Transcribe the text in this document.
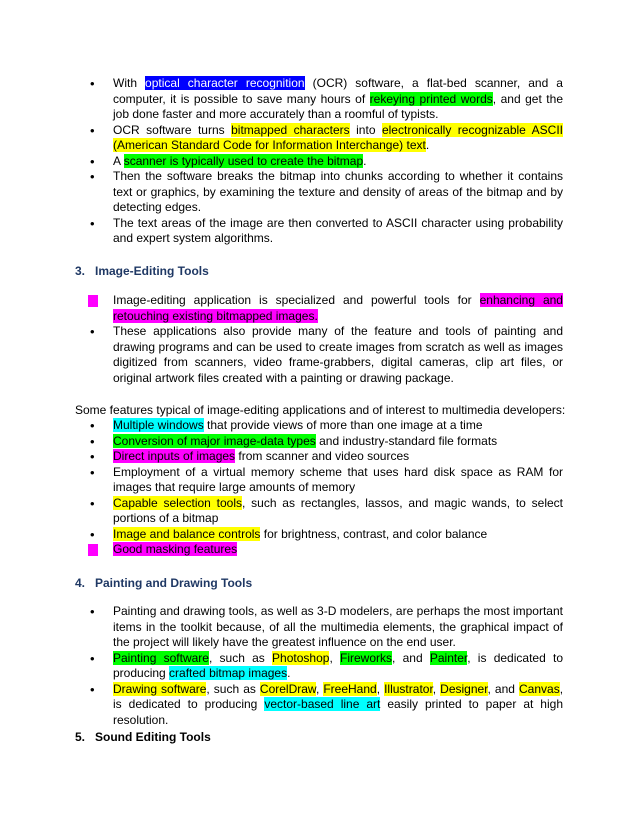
• With optical character recognition (OCR) software, a flat-bed scanner, and a computer, it is possible to save many hours of rekeying printed words, and get the job done faster and more accurately than a roomful of typists.
• OCR software turns bitmapped characters into electronically recognizable ASCII (American Standard Code for Information Interchange) text.
• A scanner is typically used to create the bitmap.
• Then the software breaks the bitmap into chunks according to whether it contains text or graphics, by examining the texture and density of areas of the bitmap and by detecting edges.
• The text areas of the image are then converted to ASCII character using probability and expert system algorithms.
3. Image-Editing Tools
• Image-editing application is specialized and powerful tools for enhancing and retouching existing bitmapped images.
• These applications also provide many of the feature and tools of painting and drawing programs and can be used to create images from scratch as well as images digitized from scanners, video frame-grabbers, digital cameras, clip art files, or original artwork files created with a painting or drawing package.
Some features typical of image-editing applications and of interest to multimedia developers:
• Multiple windows that provide views of more than one image at a time
• Conversion of major image-data types and industry-standard file formats
• Direct inputs of images from scanner and video sources
• Employment of a virtual memory scheme that uses hard disk space as RAM for images that require large amounts of memory
• Capable selection tools, such as rectangles, lassos, and magic wands, to select portions of a bitmap
• Image and balance controls for brightness, contrast, and color balance
• Good masking features
4. Painting and Drawing Tools
• Painting and drawing tools, as well as 3-D modelers, are perhaps the most important items in the toolkit because, of all the multimedia elements, the graphical impact of the project will likely have the greatest influence on the end user.
• Painting software, such as Photoshop, Fireworks, and Painter, is dedicated to producing crafted bitmap images.
• Drawing software, such as CorelDraw, FreeHand, Illustrator, Designer, and Canvas, is dedicated to producing vector-based line art easily printed to paper at high resolution.
5. Sound Editing Tools
